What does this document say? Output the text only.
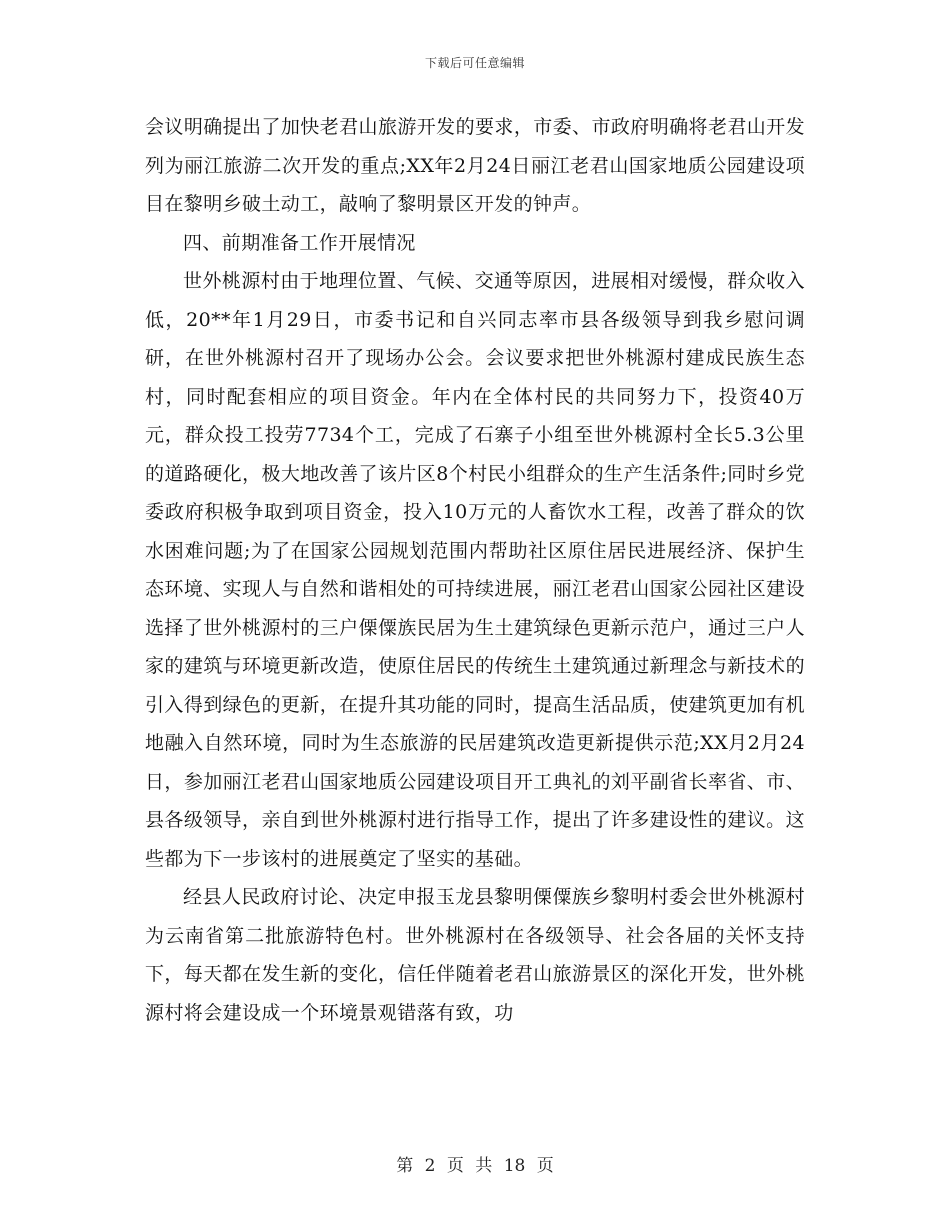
下载后可任意编辑

会议明确提出了加快老君山旅游开发的要求，市委、市政府明确将老君山开发列为丽江旅游二次开发的重点;XX年2月24日丽江老君山国家地质公园建设项目在黎明乡破土动工，敲响了黎明景区开发的钟声。

四、前期准备工作开展情况

世外桃源村由于地理位置、气候、交通等原因，进展相对缓慢，群众收入低，20**年1月29日，市委书记和自兴同志率市县各级领导到我乡慰问调研，在世外桃源村召开了现场办公会。会议要求把世外桃源村建成民族生态村，同时配套相应的项目资金。年内在全体村民的共同努力下，投资40万元，群众投工投劳7734个工，完成了石寨子小组至世外桃源村全长5.3公里的道路硬化，极大地改善了该片区8个村民小组群众的生产生活条件;同时乡党委政府积极争取到项目资金，投入10万元的人畜饮水工程，改善了群众的饮水困难问题;为了在国家公园规划范围内帮助社区原住居民进展经济、保护生态环境、实现人与自然和谐相处的可持续进展，丽江老君山国家公园社区建设选择了世外桃源村的三户傈僳族民居为生土建筑绿色更新示范户，通过三户人家的建筑与环境更新改造，使原住居民的传统生土建筑通过新理念与新技术的引入得到绿色的更新，在提升其功能的同时，提高生活品质，使建筑更加有机地融入自然环境，同时为生态旅游的民居建筑改造更新提供示范;XX月2月24日，参加丽江老君山国家地质公园建设项目开工典礼的刘平副省长率省、市、县各级领导，亲自到世外桃源村进行指导工作，提出了许多建设性的建议。这些都为下一步该村的进展奠定了坚实的基础。

经县人民政府讨论、决定申报玉龙县黎明傈僳族乡黎明村委会世外桃源村为云南省第二批旅游特色村。世外桃源村在各级领导、社会各届的关怀支持下，每天都在发生新的变化，信任伴随着老君山旅游景区的深化开发，世外桃源村将会建设成一个环境景观错落有致，功

第 2 页 共 18 页
